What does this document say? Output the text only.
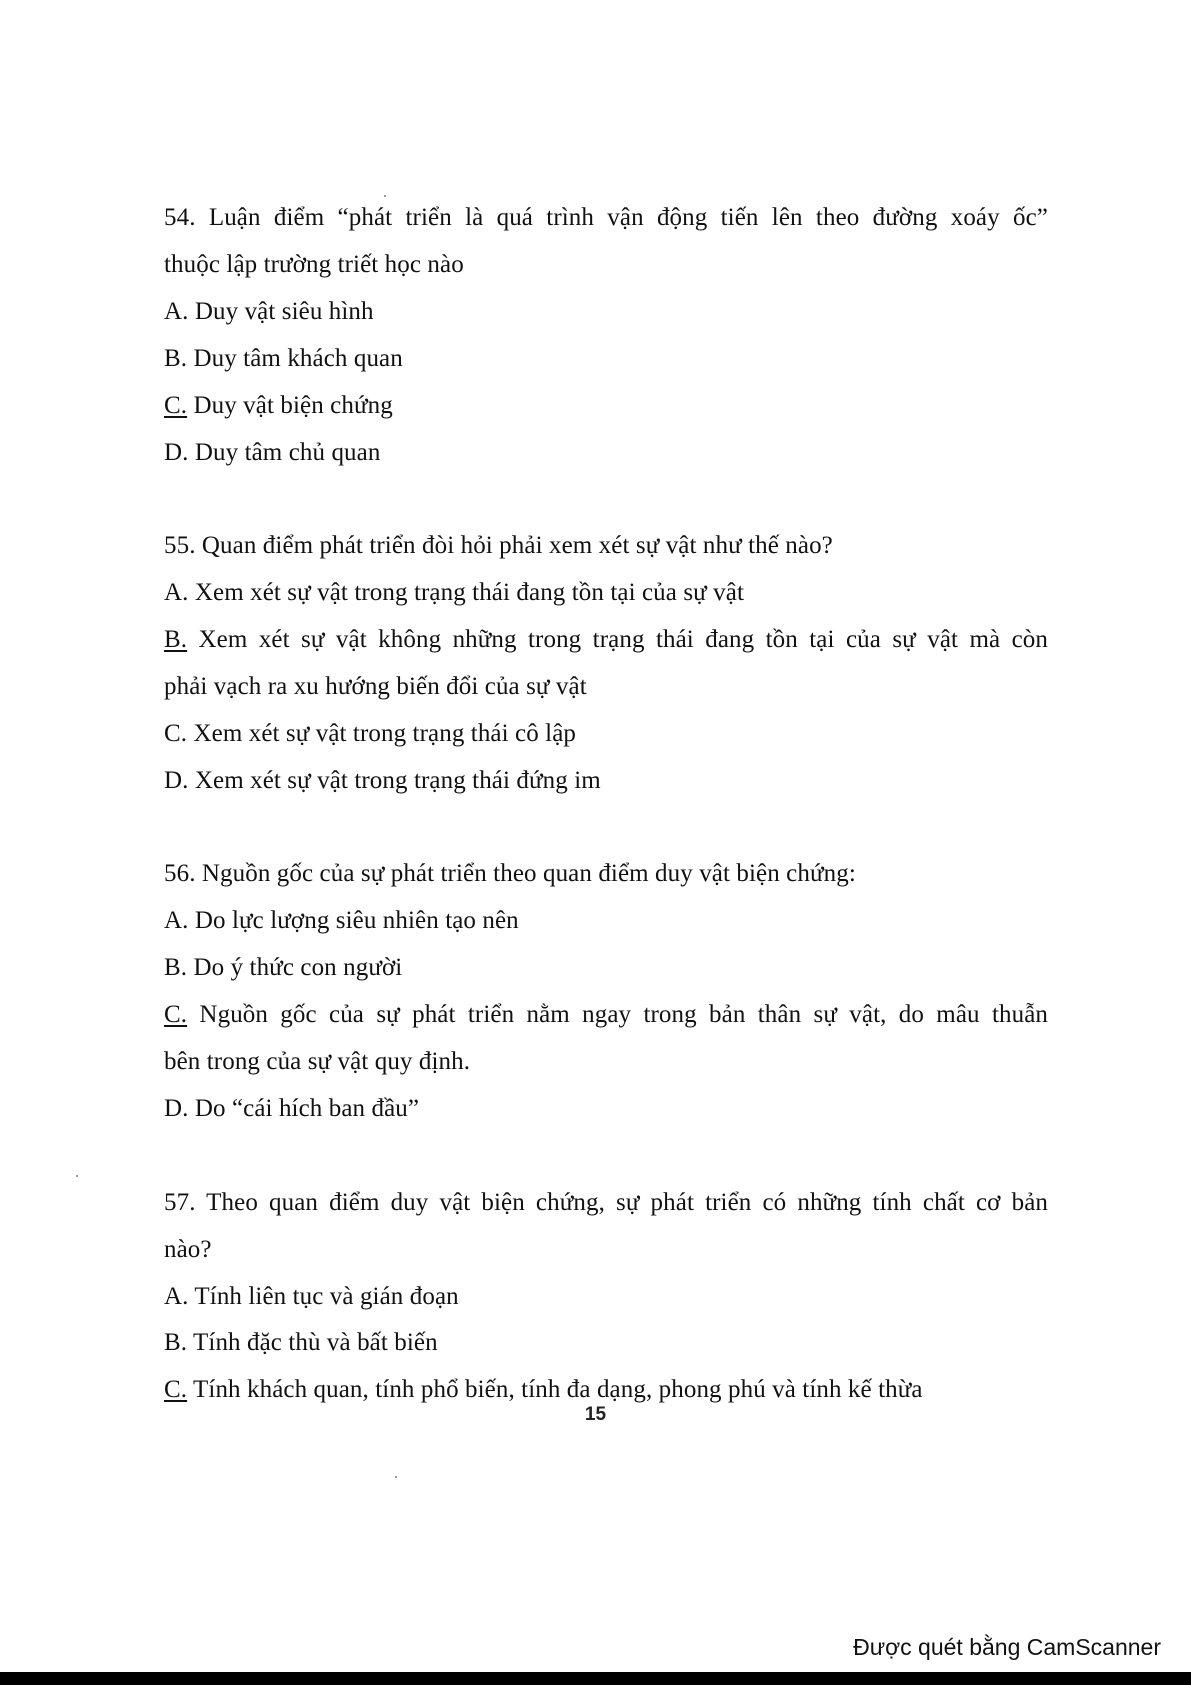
54. Luận điểm “phát triển là quá trình vận động tiến lên theo đường xoáy ốc”
thuộc lập trường triết học nào
A. Duy vật siêu hình
B. Duy tâm khách quan
C. Duy vật biện chứng
D. Duy tâm chủ quan
55. Quan điểm phát triển đòi hỏi phải xem xét sự vật như thế nào?
A. Xem xét sự vật trong trạng thái đang tồn tại của sự vật
B. Xem xét sự vật không những trong trạng thái đang tồn tại của sự vật mà còn
phải vạch ra xu hướng biến đổi của sự vật
C. Xem xét sự vật trong trạng thái cô lập
D. Xem xét sự vật trong trạng thái đứng im
56. Nguồn gốc của sự phát triển theo quan điểm duy vật biện chứng:
A. Do lực lượng siêu nhiên tạo nên
B. Do ý thức con người
C. Nguồn gốc của sự phát triển nằm ngay trong bản thân sự vật, do mâu thuẫn
bên trong của sự vật quy định.
D. Do “cái hích ban đầu”
57. Theo quan điểm duy vật biện chứng, sự phát triển có những tính chất cơ bản
nào?
A. Tính liên tục và gián đoạn
B. Tính đặc thù và bất biến
C. Tính khách quan, tính phổ biến, tính đa dạng, phong phú và tính kế thừa
15
Được quét bằng CamScanner
